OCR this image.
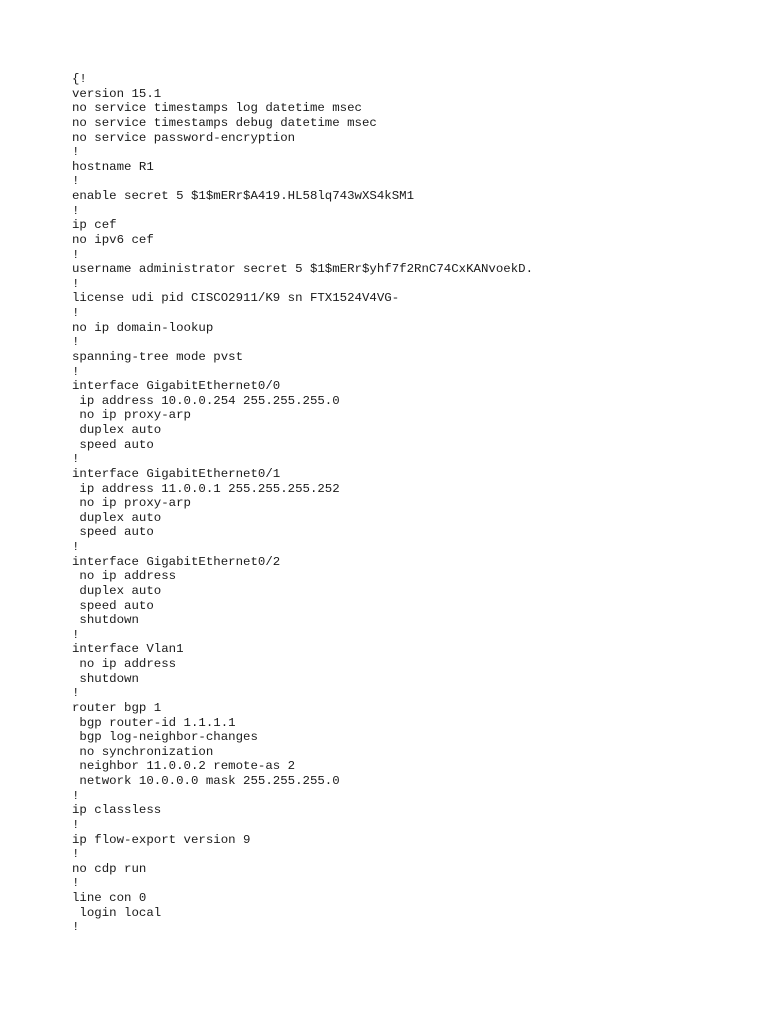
{!
version 15.1
no service timestamps log datetime msec
no service timestamps debug datetime msec
no service password-encryption
!
hostname R1
!
enable secret 5 $1$mERr$A419.HL58lq743wXS4kSM1
!
ip cef
no ipv6 cef
!
username administrator secret 5 $1$mERr$yhf7f2RnC74CxKANvoekD.
!
license udi pid CISCO2911/K9 sn FTX1524V4VG-
!
no ip domain-lookup
!
spanning-tree mode pvst
!
interface GigabitEthernet0/0
ip address 10.0.0.254 255.255.255.0
no ip proxy-arp
duplex auto
speed auto
!
interface GigabitEthernet0/1
ip address 11.0.0.1 255.255.255.252
no ip proxy-arp
duplex auto
speed auto
!
interface GigabitEthernet0/2
no ip address
duplex auto
speed auto
shutdown
!
interface Vlan1
no ip address
shutdown
!
router bgp 1
bgp router-id 1.1.1.1
bgp log-neighbor-changes
no synchronization
neighbor 11.0.0.2 remote-as 2
network 10.0.0.0 mask 255.255.255.0
!
ip classless
!
ip flow-export version 9
!
no cdp run
!
line con 0
login local
!
